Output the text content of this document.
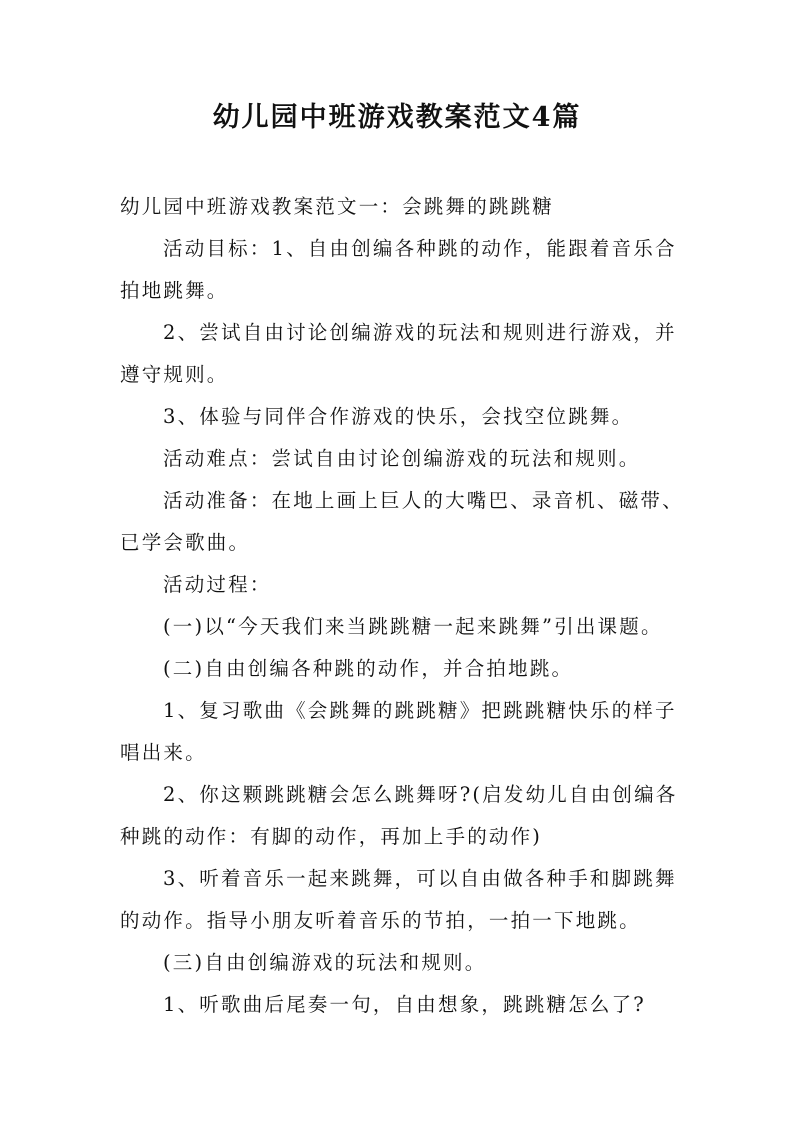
幼儿园中班游戏教案范文4篇

幼儿园中班游戏教案范文一：会跳舞的跳跳糖

活动目标：1、自由创编各种跳的动作，能跟着音乐合拍地跳舞。

2、尝试自由讨论创编游戏的玩法和规则进行游戏，并遵守规则。

3、体验与同伴合作游戏的快乐，会找空位跳舞。

活动难点：尝试自由讨论创编游戏的玩法和规则。

活动准备：在地上画上巨人的大嘴巴、录音机、磁带、已学会歌曲。

活动过程：

(一)以“今天我们来当跳跳糖一起来跳舞”引出课题。

(二)自由创编各种跳的动作，并合拍地跳。

1、复习歌曲《会跳舞的跳跳糖》把跳跳糖快乐的样子唱出来。

2、你这颗跳跳糖会怎么跳舞呀?(启发幼儿自由创编各种跳的动作：有脚的动作，再加上手的动作)

3、听着音乐一起来跳舞，可以自由做各种手和脚跳舞的动作。指导小朋友听着音乐的节拍，一拍一下地跳。

(三)自由创编游戏的玩法和规则。

1、听歌曲后尾奏一句，自由想象，跳跳糖怎么了?
